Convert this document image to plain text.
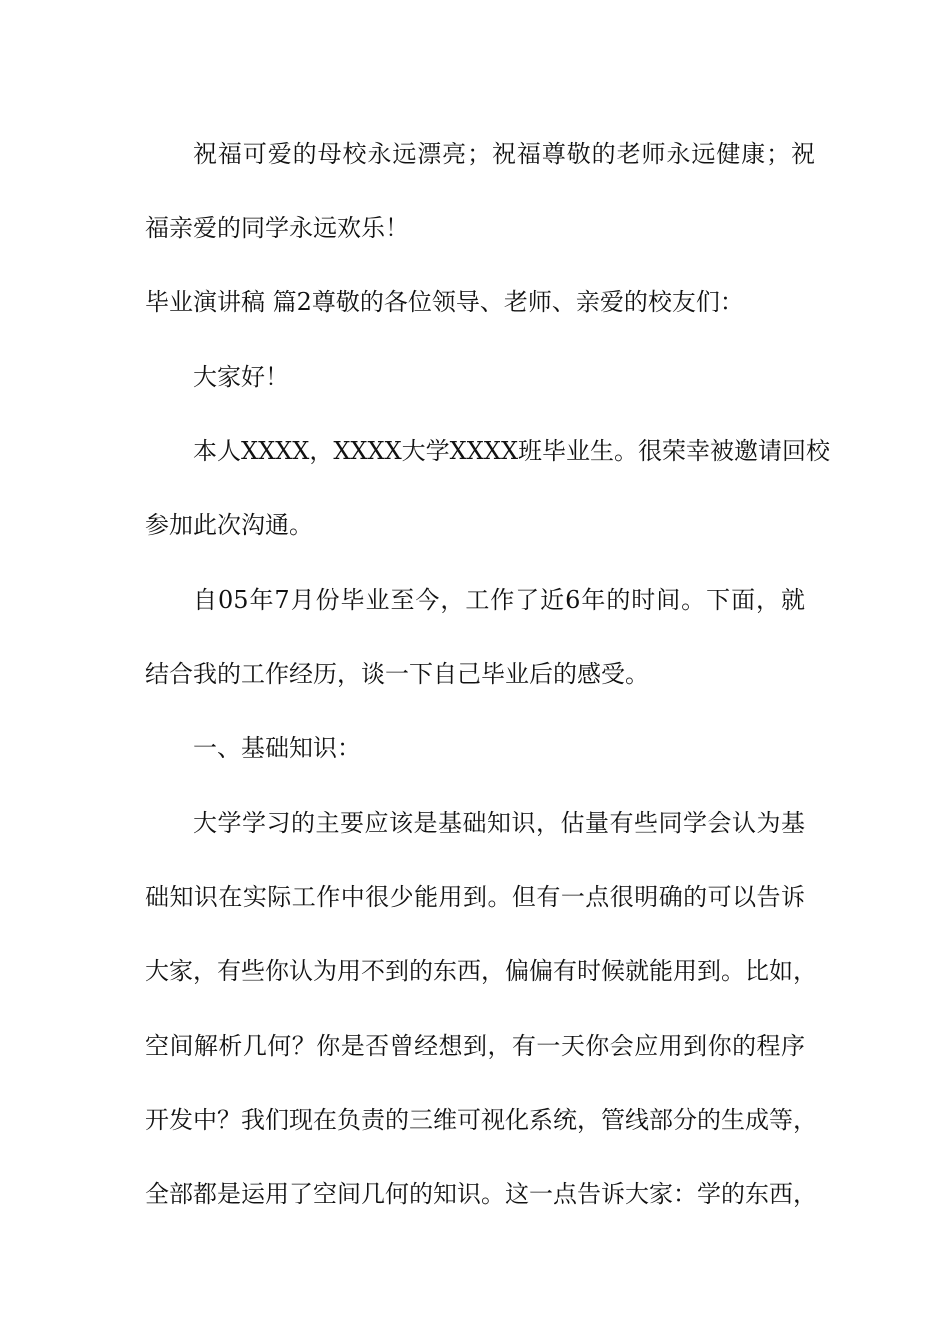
祝福可爱的母校永远漂亮；祝福尊敬的老师永远健康；祝
福亲爱的同学永远欢乐！
毕业演讲稿 篇2尊敬的各位领导、老师、亲爱的校友们：
大家好！
本人XXXX，XXXX大学XXXX班毕业生。很荣幸被邀请回校
参加此次沟通。
自05年7月份毕业至今，工作了近6年的时间。下面，就
结合我的工作经历，谈一下自己毕业后的感受。
一、基础知识：
大学学习的主要应该是基础知识，估量有些同学会认为基
础知识在实际工作中很少能用到。但有一点很明确的可以告诉
大家，有些你认为用不到的东西，偏偏有时候就能用到。比如，
空间解析几何？你是否曾经想到，有一天你会应用到你的程序
开发中？我们现在负责的三维可视化系统，管线部分的生成等，
全部都是运用了空间几何的知识。这一点告诉大家：学的东西，
